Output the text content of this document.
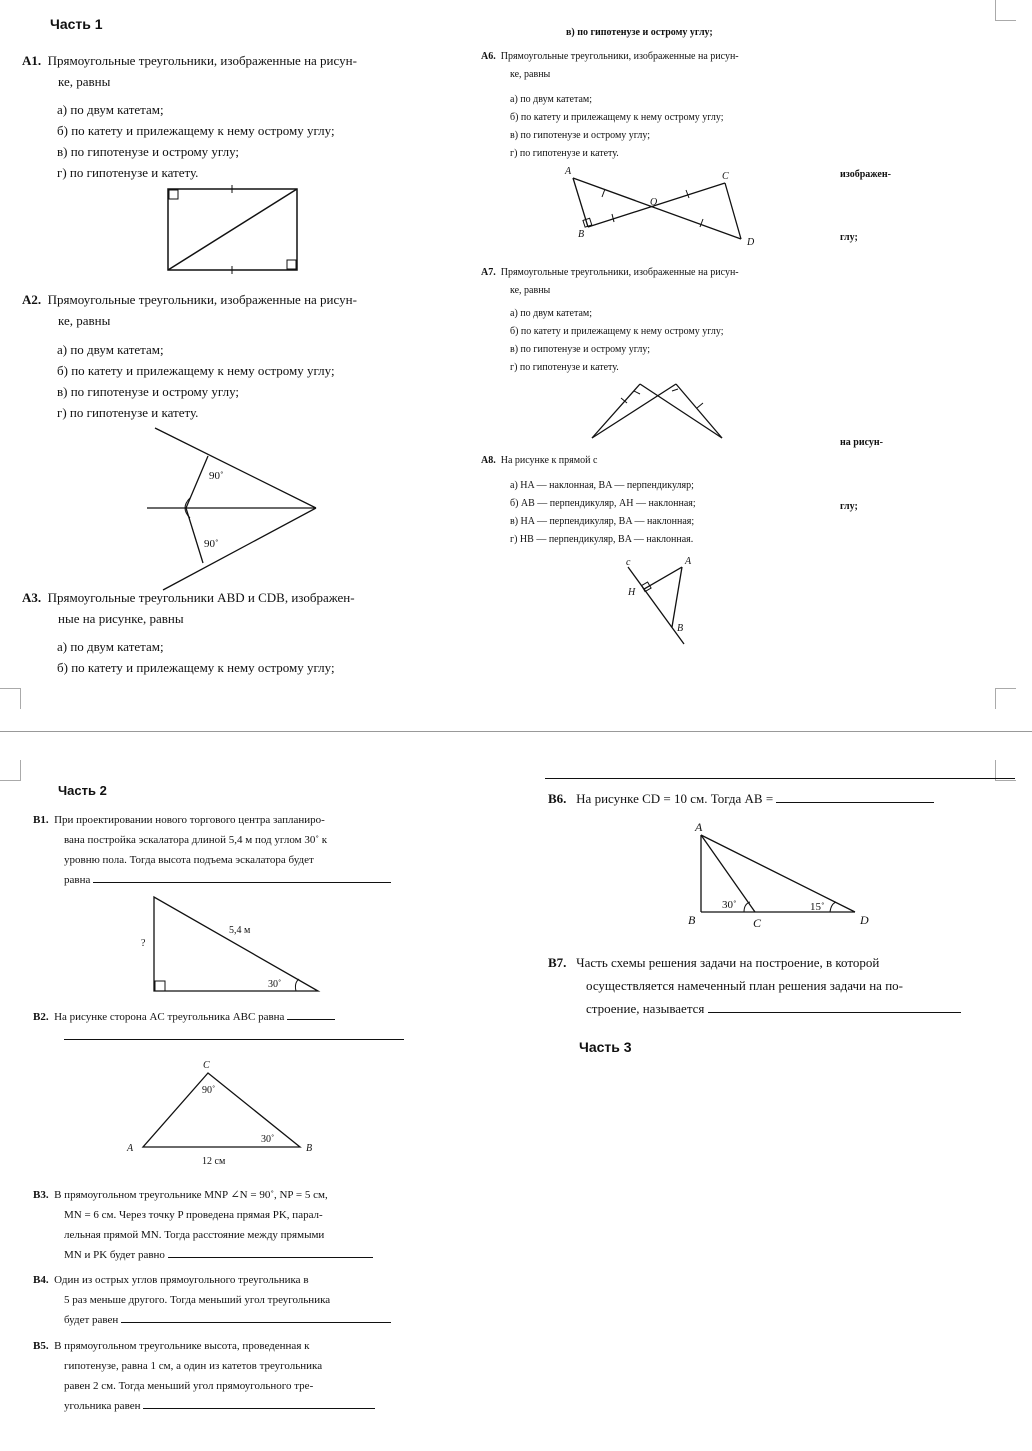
Часть 1
А1. Прямоугольные треугольники, изображенные на рисун-
ке, равны
а) по двум катетам;
б) по катету и прилежащему к нему острому углу;
в) по гипотенузе и острому углу;
г) по гипотенузе и катету.
А2. Прямоугольные треугольники, изображенные на рисун-
ке, равны
а) по двум катетам;
б) по катету и прилежащему к нему острому углу;
в) по гипотенузе и острому углу;
г) по гипотенузе и катету.
90˚
90˚
А3. Прямоугольные треугольники ABD и CDB, изображен-
ные на рисунке, равны
а) по двум катетам;
б) по катету и прилежащему к нему острому углу;
в) по гипотенузе и острому углу;
А6. Прямоугольные треугольники, изображенные на рисун-
ке, равны
а) по двум катетам;
б) по катету и прилежащему к нему острому углу;
в) по гипотенузе и острому углу;
г) по гипотенузе и катету.
изображен-
глу;
A
B
C
D
O
А7. Прямоугольные треугольники, изображенные на рисун-
ке, равны
а) по двум катетам;
б) по катету и прилежащему к нему острому углу;
в) по гипотенузе и острому углу;
г) по гипотенузе и катету.
на рисун-
глу;
А8. На рисунке к прямой c
а) HA — наклонная, BA — перпендикуляр;
б) AB — перпендикуляр, AH — наклонная;
в) HA — перпендикуляр, BA — наклонная;
г) HB — перпендикуляр, BA — наклонная.
c	A
H
B
Часть 2
В1. При проектировании нового торгового центра запланиро-
вана постройка эскалатора длиной 5,4 м под углом 30˚ к
уровню пола. Тогда высота подъема эскалатора будет
равна
5,4 м
?
30˚
В2. На рисунке сторона AC треугольника ABC равна

C
A	B
90˚
30˚
12 см
В3. В прямоугольном треугольнике MNP ∠N = 90˚, NP = 5 см,
MN = 6 см. Через точку P проведена прямая PK, парал-
лельная прямой MN. Тогда расстояние между прямыми
MN и PK будет равно
В4. Один из острых углов прямоугольного треугольника в
5 раз меньше другого. Тогда меньший угол треугольника
будет равен
В5. В прямоугольном треугольнике высота, проведенная к
гипотенузе, равна 1 см, а один из катетов треугольника
равен 2 см. Тогда меньший угол прямоугольного тре-
угольника равен
В6. На рисунке CD = 10 см. Тогда AB =
A
B	C	D
30˚	15˚
В7. Часть схемы решения задачи на построение, в которой
осуществляется намеченный план решения задачи на по-
строение, называется
Часть 3
